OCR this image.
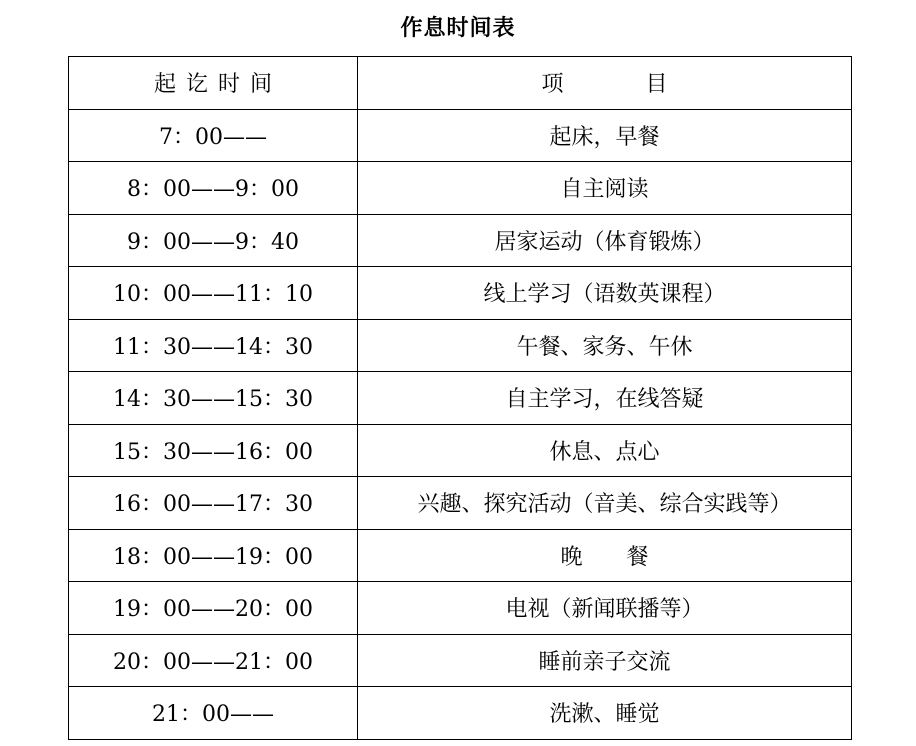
作息时间表
起讫时间	项　目
7：00——	起床，早餐
8：00——9：00	自主阅读
9：00——9：40	居家运动（体育锻炼）
10：00——11：10	线上学习（语数英课程）
11：30——14：30	午餐、家务、午休
14：30——15：30	自主学习，在线答疑
15：30——16：00	休息、点心
16：00——17：30	兴趣、探究活动（音美、综合实践等）
18：00——19：00	晚　　餐
19：00——20：00	电视（新闻联播等）
20：00——21：00	睡前亲子交流
21：00——	洗漱、睡觉
